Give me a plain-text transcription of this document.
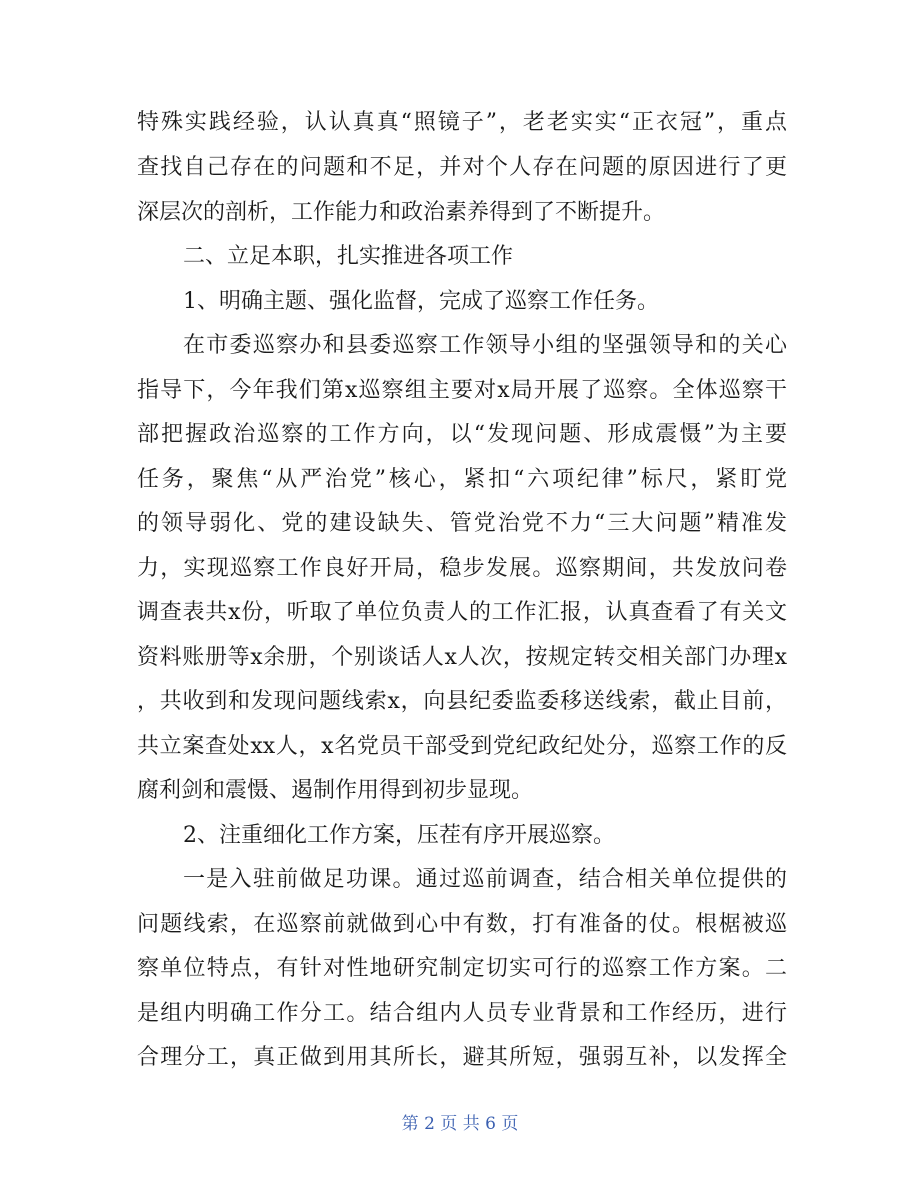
特殊实践经验，认认真真“照镜子”，老老实实“正衣冠”，重点
查找自己存在的问题和不足，并对个人存在问题的原因进行了更
深层次的剖析，工作能力和政治素养得到了不断提升。
二、立足本职，扎实推进各项工作
1、明确主题、强化监督，完成了巡察工作任务。
在市委巡察办和县委巡察工作领导小组的坚强领导和的关心
指导下，今年我们第x巡察组主要对x局开展了巡察。全体巡察干
部把握政治巡察的工作方向，以“发现问题、形成震慑”为主要
任务，聚焦“从严治党”核心，紧扣“六项纪律”标尺，紧盯党
的领导弱化、党的建设缺失、管党治党不力“三大问题”精准发
力，实现巡察工作良好开局，稳步发展。巡察期间，共发放问卷
调查表共x份，听取了单位负责人的工作汇报，认真查看了有关文
资料账册等x余册，个别谈话人x人次，按规定转交相关部门办理x
，共收到和发现问题线索x，向县纪委监委移送线索，截止目前，
共立案查处xx人，x名党员干部受到党纪政纪处分，巡察工作的反
腐利剑和震慑、遏制作用得到初步显现。
2、注重细化工作方案，压茬有序开展巡察。
一是入驻前做足功课。通过巡前调查，结合相关单位提供的
问题线索，在巡察前就做到心中有数，打有准备的仗。根椐被巡
察单位特点，有针对性地研究制定切实可行的巡察工作方案。二
是组内明确工作分工。结合组内人员专业背景和工作经历，进行
合理分工，真正做到用其所长，避其所短，强弱互补，以发挥全
第 2 页 共 6 页
